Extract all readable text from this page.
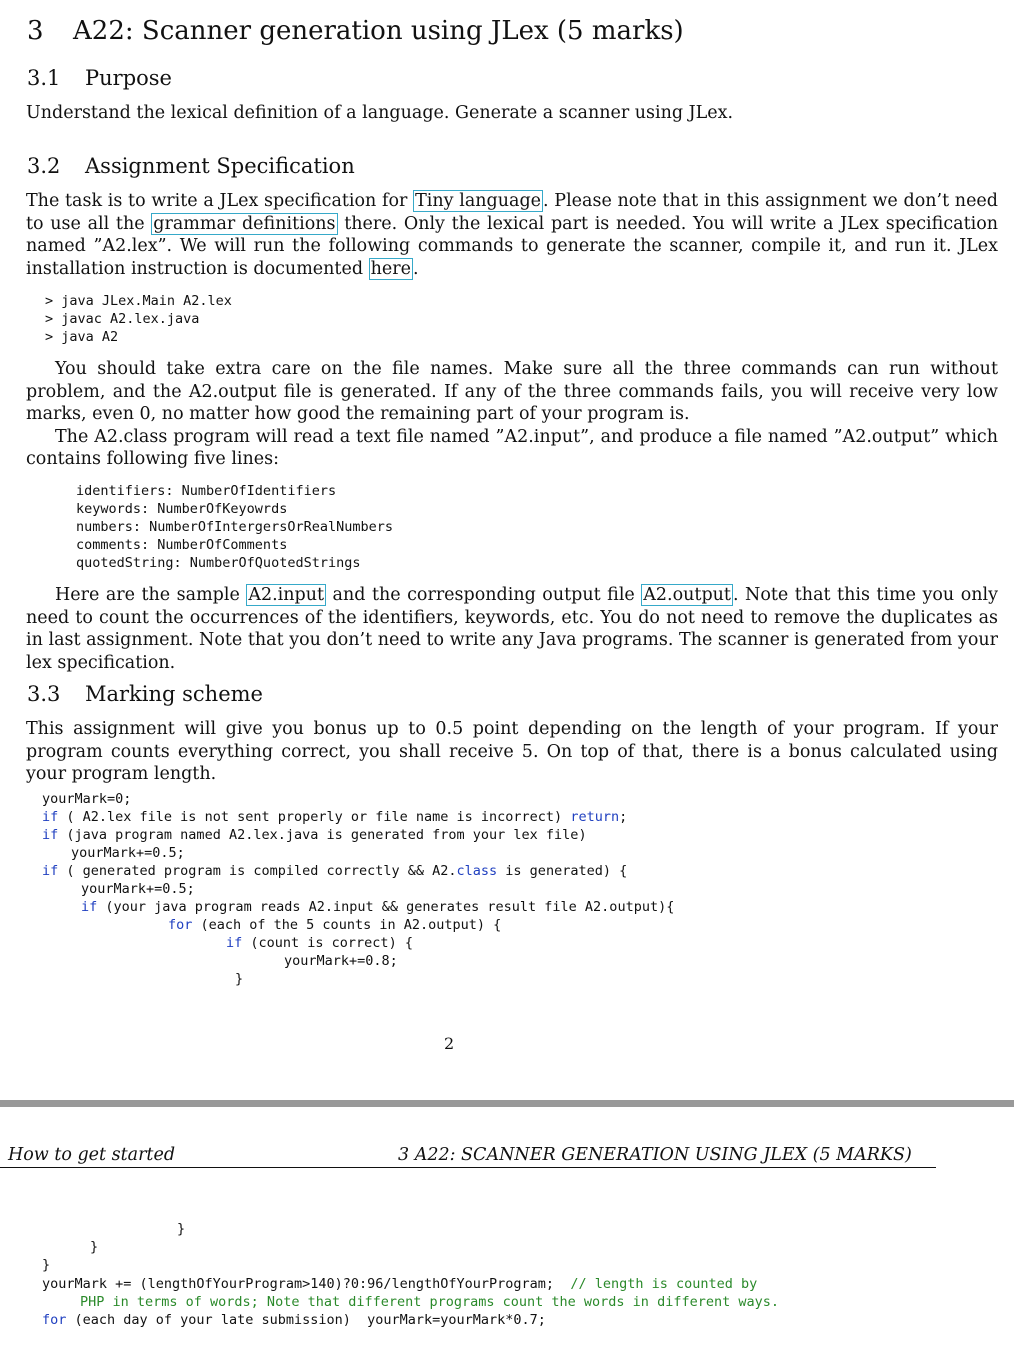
3 A22: Scanner generation using JLex (5 marks)
3.1 Purpose

Understand the lexical definition of a language. Generate a scanner using JLex.

3.2 Assignment Specification

The task is to write a JLex specification for Tiny language . Please note that in this assignment we don’t need to use all the grammar definitions there. Only the lexical part is needed. You will write a JLex specification named ”A2.lex”. We will run the following commands to generate the scanner, compile it, and run it. JLex installation instruction is documented here .

> java JLex.Main A2.lex
> javac A2.lex.java
> java A2

You should take extra care on the file names. Make sure all the three commands can run without problem, and the A2.output file is generated. If any of the three commands fails, you will receive very low marks, even 0, no matter how good the remaining part of your program is.

The A2.class program will read a text file named ”A2.input”, and produce a file named ”A2.output” which contains following five lines:

identifiers: NumberOfIdentifiers
keywords: NumberOfKeyowrds
numbers: NumberOfIntergersOrRealNumbers
comments: NumberOfComments
quotedString: NumberOfQuotedStrings

Here are the sample A2.input and the corresponding output file A2.output . Note that this time you only need to count the occurrences of the identifiers, keywords, etc. You do not need to remove the duplicates as in last assignment. Note that you don’t need to write any Java programs. The scanner is generated from your lex specification.

3.3 Marking scheme

This assignment will give you bonus up to 0.5 point depending on the length of your program. If your program counts everything correct, you shall receive 5. On top of that, there is a bonus calculated using your program length.

yourMark=0;
if ( A2.lex file is not sent properly or file name is incorrect) return;
if (java program named A2.lex.java is generated from your lex file)
yourMark+=0.5;
if ( generated program is compiled correctly && A2.class is generated) {
yourMark+=0.5;
if (your java program reads A2.input && generates result file A2.output){
for (each of the 5 counts in A2.output) {
if (count is correct) {
yourMark+=0.8;
}
2
How to get started	3 A22: SCANNER GENERATION USING JLEX (5 MARKS)
}
}
}
yourMark += (lengthOfYourProgram>140)?0:96/lengthOfYourProgram; // length is counted by
PHP in terms of words; Note that different programs count the words in different ways.
for (each day of your late submission)  yourMark=yourMark*0.7;
